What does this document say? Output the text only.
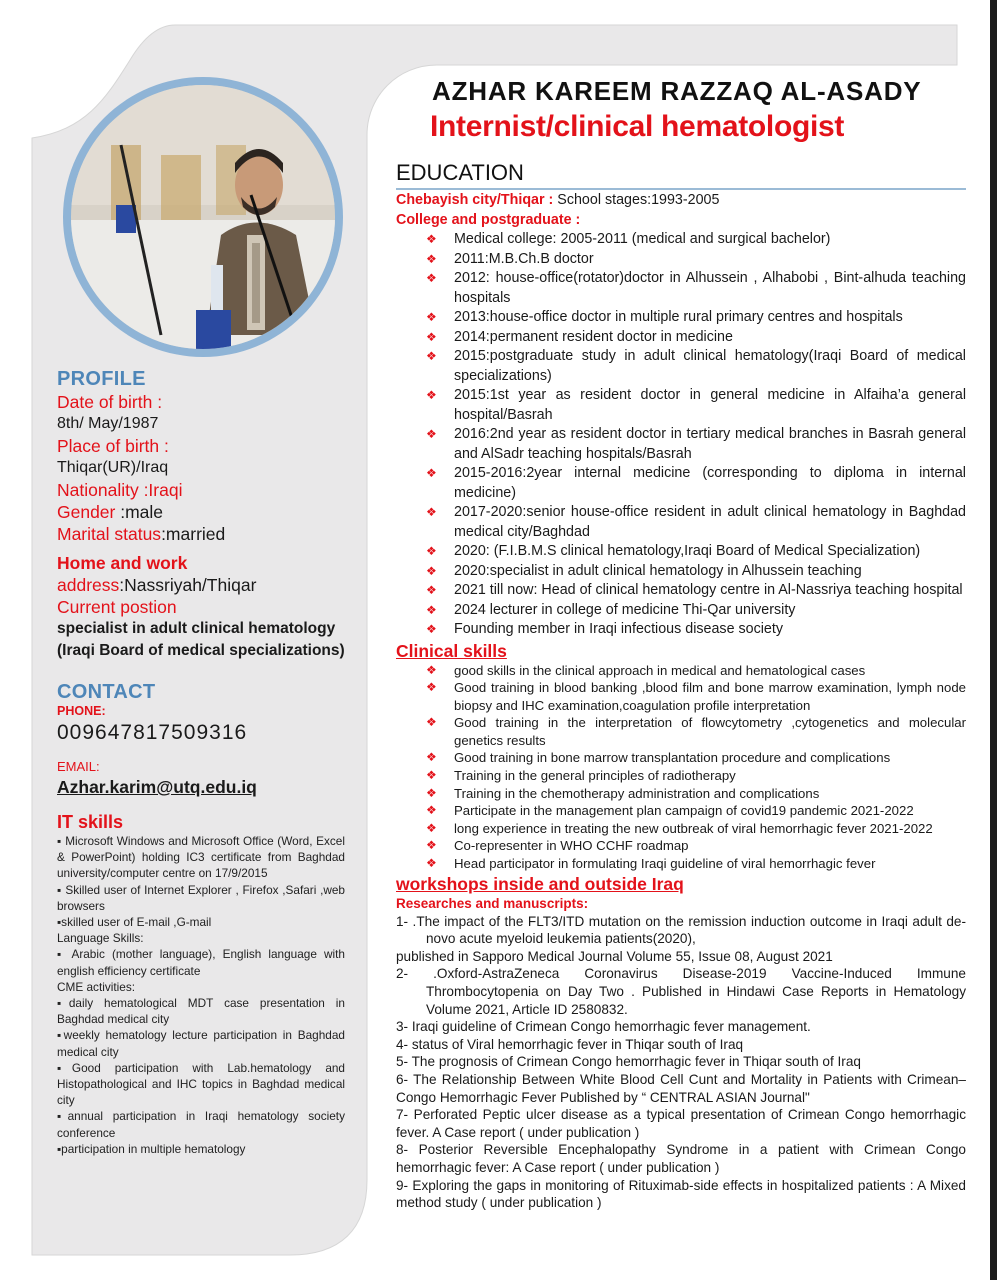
PROFILE
Date of birth :
8th/ May/1987
Place of birth :
Thiqar(UR)/Iraq
Nationality :Iraqi
Gender :male
Marital status:married
Home and work
address:Nassriyah/Thiqar
Current postion
specialist in adult clinical hematology (Iraqi Board of medical specializations)
CONTACT
PHONE:
009647817509316
EMAIL:
Azhar.karim@utq.edu.iq
IT skills

▪ Microsoft Windows and Microsoft Office (Word, Excel & PowerPoint) holding IC3 certificate from Baghdad university/computer centre on 17/9/2015

▪ Skilled user of Internet Explorer , Firefox ,Safari ,web browsers

▪skilled user of E-mail ,G-mail

Language Skills:

▪ Arabic (mother language), English language with english efficiency certificate

CME activities:

▪daily hematological MDT case presentation in Baghdad medical city

▪weekly hematology lecture participation in Baghdad medical city

▪Good participation with Lab.hematology and Histopathological and IHC topics in Baghdad medical city

▪annual participation in Iraqi hematology society conference

▪participation in multiple hematology

AZHAR KAREEM RAZZAQ AL-ASADY
Internist/clinical hematologist
EDUCATION
Chebayish city/Thiqar : School stages:1993-2005
College and postgraduate :
❖ Medical college: 2005-2011 (medical and surgical bachelor)
❖ 2011:M.B.Ch.B doctor
❖ 2012: house-office(rotator)doctor in Alhussein , Alhabobi , Bint-alhuda teaching hospitals
❖ 2013:house-office doctor in multiple rural primary centres and hospitals
❖ 2014:permanent resident doctor in medicine
❖ 2015:postgraduate study in adult clinical hematology(Iraqi Board of medical specializations)
❖ 2015:1st year as resident doctor in general medicine in Alfaiha’a general hospital/Basrah
❖ 2016:2nd year as resident doctor in tertiary medical branches in Basrah general and AlSadr teaching hospitals/Basrah
❖ 2015-2016:2year internal medicine (corresponding to diploma in internal medicine)
❖ 2017-2020:senior house-office resident in adult clinical hematology in Baghdad medical city/Baghdad
❖ 2020: (F.I.B.M.S clinical hematology,Iraqi Board of Medical Specialization)
❖ 2020:specialist in adult clinical hematology in Alhussein teaching
❖ 2021 till now: Head of clinical hematology centre in Al-Nassriya teaching hospital
❖ 2024 lecturer in college of medicine Thi-Qar university
❖ Founding member in Iraqi infectious disease society
Clinical skills
❖ good skills in the clinical approach in medical and hematological cases
❖ Good training in blood banking ,blood film and bone marrow examination, lymph node biopsy and IHC examination,coagulation profile interpretation
❖ Good training in the interpretation of flowcytometry ,cytogenetics and molecular genetics results
❖ Good training in bone marrow transplantation procedure and complications
❖ Training in the general principles of radiotherapy
❖ Training in the chemotherapy administration and complications
❖ Participate in the management plan campaign of covid19 pandemic 2021-2022
❖ long experience in treating the new outbreak of viral hemorrhagic fever 2021-2022
❖ Co-representer in WHO CCHF roadmap
❖ Head participator in formulating Iraqi guideline of viral hemorrhagic fever
workshops inside and outside Iraq
Researches and manuscripts:

1- .The impact of the FLT3/ITD mutation on the remission induction outcome in Iraqi adult de-novo acute myeloid leukemia patients(2020),

published in Sapporo Medical Journal Volume 55, Issue 08, August 2021

2- .Oxford-AstraZeneca Coronavirus Disease-2019 Vaccine-Induced Immune Thrombocytopenia on Day Two . Published in Hindawi Case Reports in Hematology Volume 2021, Article ID 2580832.

3- Iraqi guideline of Crimean Congo hemorrhagic fever management.

4- status of Viral hemorrhagic fever in Thiqar south of Iraq

5- The prognosis of Crimean Congo hemorrhagic fever in Thiqar south of Iraq

6- The Relationship Between White Blood Cell Cunt and Mortality in Patients with Crimean–Congo Hemorrhagic Fever Published by “ CENTRAL ASIAN Journal"

7- Perforated Peptic ulcer disease as a typical presentation of Crimean Congo hemorrhagic fever. A Case report ( under publication )

8- Posterior Reversible Encephalopathy Syndrome in a patient with Crimean Congo hemorrhagic fever: A Case report ( under publication )

9- Exploring the gaps in monitoring of Rituximab-side effects in hospitalized patients : A Mixed method study ( under publication )
